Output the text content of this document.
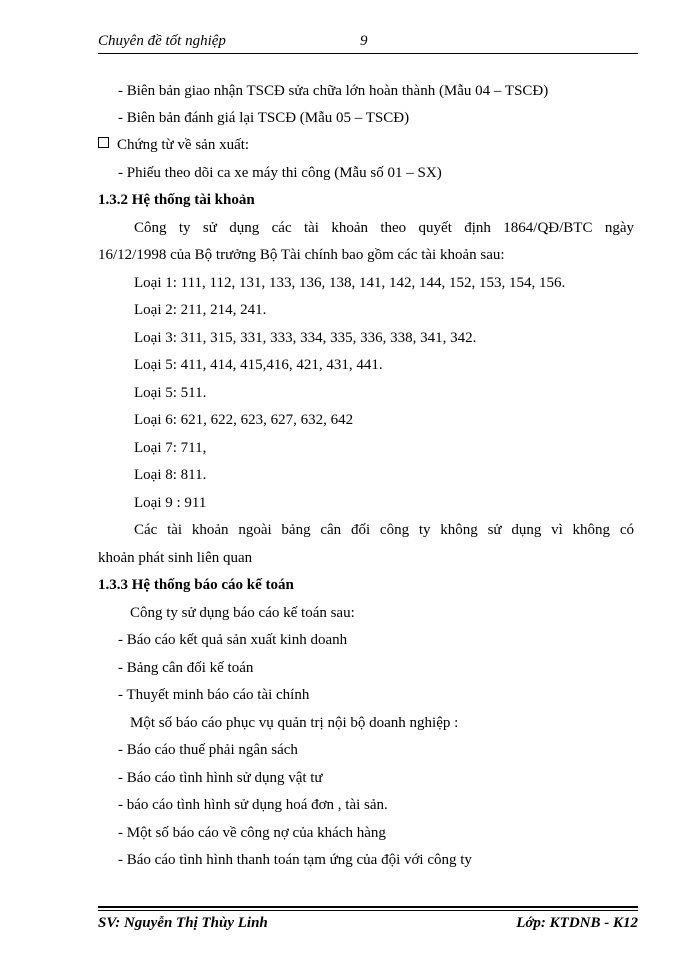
Chuyên đề tốt nghiệp	9
- Biên bản giao nhận TSCĐ sửa chữa lớn hoàn thành (Mẫu 04 – TSCĐ)
- Biên bản đánh giá lại TSCĐ (Mẫu 05 – TSCĐ)
Chứng từ về sản xuất:
- Phiếu theo dõi ca xe máy thi công (Mẫu số 01 – SX)
1.3.2 Hệ thống tài khoản
Công ty sử dụng các tài khoản theo quyết định 1864/QĐ/BTC ngày
16/12/1998 của Bộ trưởng Bộ Tài chính bao gồm các tài khoản sau:
Loại 1: 111, 112, 131, 133, 136, 138, 141, 142, 144, 152, 153, 154, 156.
Loại 2: 211, 214, 241.
Loại 3: 311, 315, 331, 333, 334, 335, 336, 338, 341, 342.
Loại 5: 411, 414, 415,416, 421, 431, 441.
Loại 5: 511.
Loại 6: 621, 622, 623, 627, 632, 642
Loại 7: 711,
Loại 8: 811.
Loại 9 : 911
Các tài khoản ngoài bảng cân đối công ty không sử dụng vì không có
khoản phát sinh liên quan
1.3.3 Hệ thống báo cáo kế toán
Công ty sử dụng báo cáo kế toán sau:
- Báo cáo kết quả sản xuất kinh doanh
- Bảng cân đối kế toán
- Thuyết minh báo cáo tài chính
Một số báo cáo phục vụ quản trị nội bộ doanh nghiệp :
- Báo cáo thuế phải ngân sách
- Báo cáo tình hình sử dụng vật tư
- báo cáo tình hình sử dụng hoá đơn , tài sản.
- Một số báo cáo về công nợ của khách hàng
- Báo cáo tình hình thanh toán tạm ứng của đội với công ty
SV: Nguyễn Thị Thùy Linh	Lớp: KTDNB - K12
